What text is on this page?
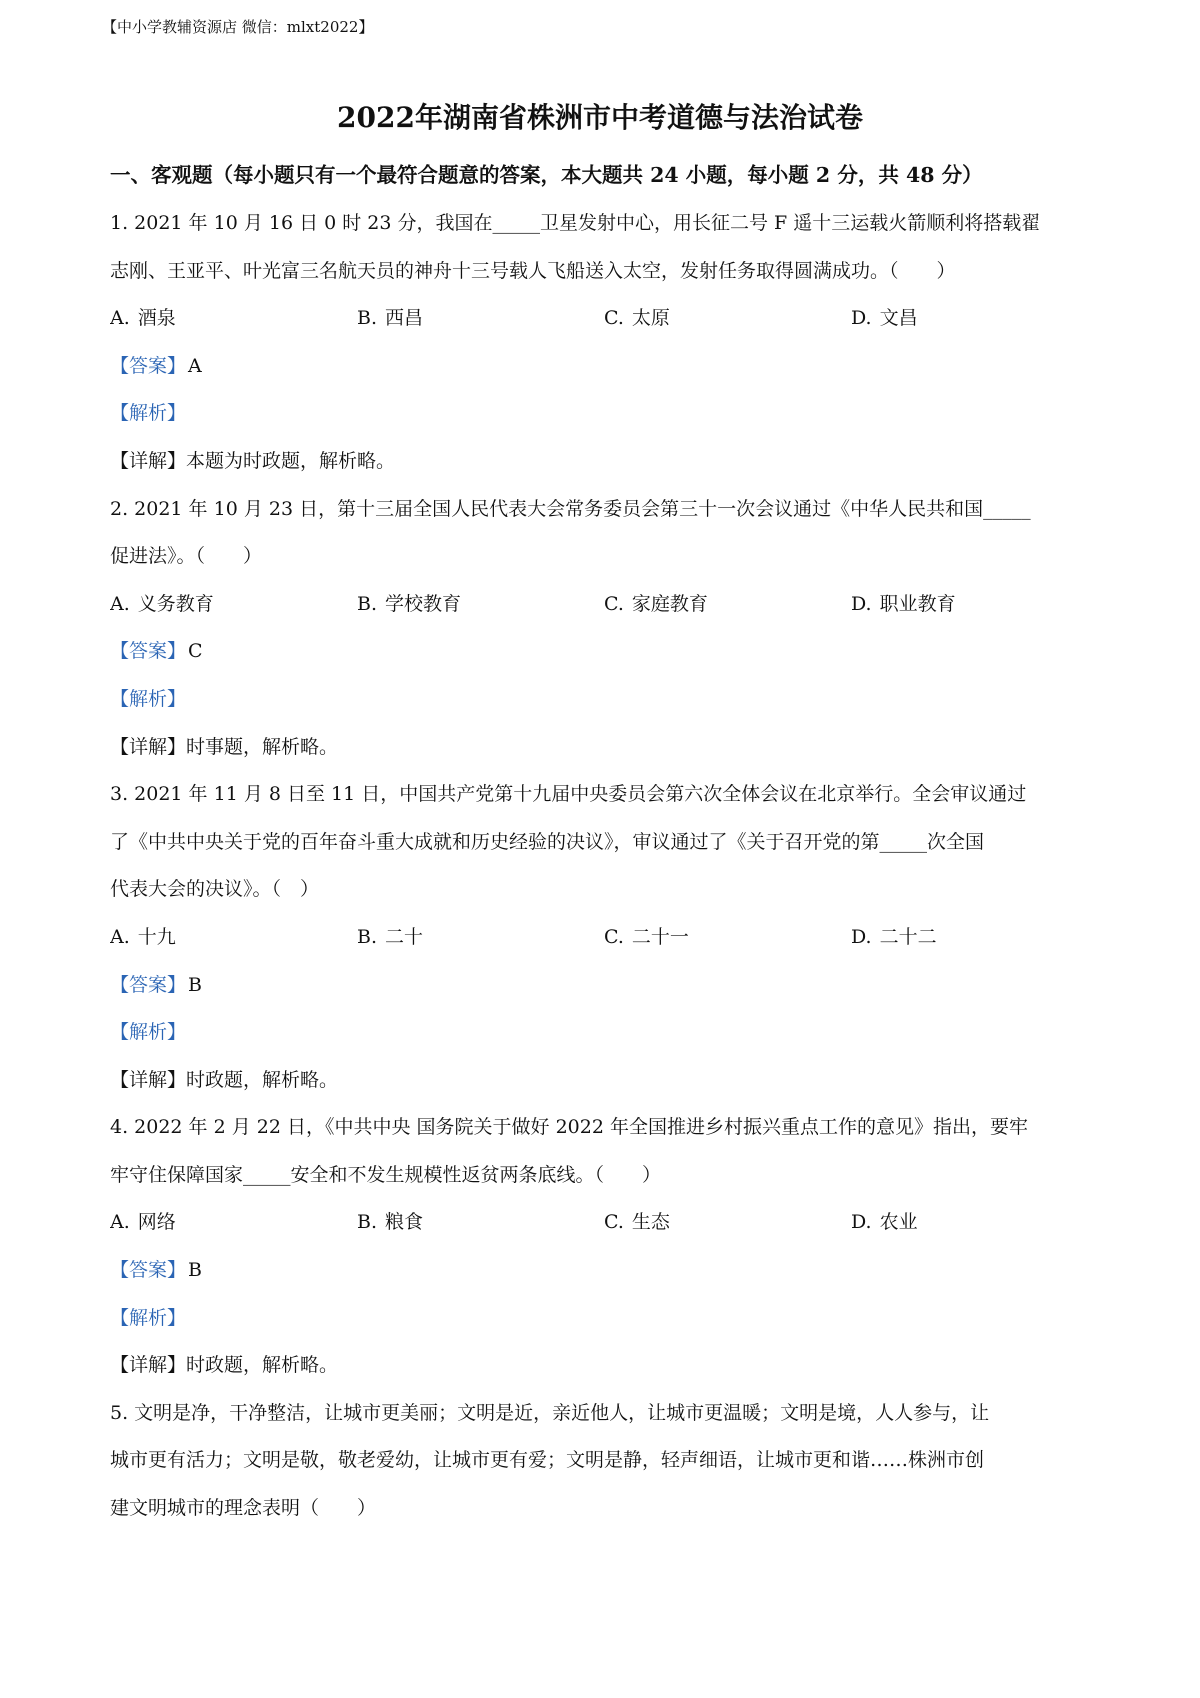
【中小学教辅资源店 微信：mlxt2022】
2022年湖南省株洲市中考道德与法治试卷
一、客观题（每小题只有一个最符合题意的答案，本大题共 24 小题，每小题 2 分，共 48 分）
1. 2021 年 10 月 16 日 0 时 23 分，我国在_____卫星发射中心，用长征二号 F 遥十三运载火箭顺利将搭载翟
志刚、王亚平、叶光富三名航天员的神舟十三号载人飞船送入太空，发射任务取得圆满成功。（　　）
A. 酒泉	B. 西昌	C. 太原	D. 文昌
【答案】 A
【解析】
【详解】本题为时政题，解析略。
2. 2021 年 10 月 23 日，第十三届全国人民代表大会常务委员会第三十一次会议通过《中华人民共和国_____
促进法》。（　　）
A. 义务教育	B. 学校教育	C. 家庭教育	D. 职业教育
【答案】 C
【解析】
【详解】时事题，解析略。
3. 2021 年 11 月 8 日至 11 日，中国共产党第十九届中央委员会第六次全体会议在北京举行。全会审议通过
了《中共中央关于党的百年奋斗重大成就和历史经验的决议》，审议通过了《关于召开党的第_____次全国
代表大会的决议》。（　）
A. 十九	B. 二十	C. 二十一	D. 二十二
【答案】 B
【解析】
【详解】时政题，解析略。
4. 2022 年 2 月 22 日，《中共中央 国务院关于做好 2022 年全国推进乡村振兴重点工作的意见》指出，要牢
牢守住保障国家_____安全和不发生规模性返贫两条底线。（　　）
A. 网络	B. 粮食	C. 生态	D. 农业
【答案】 B
【解析】
【详解】时政题，解析略。
5. 文明是净，干净整洁，让城市更美丽；文明是近，亲近他人，让城市更温暖；文明是境，人人参与，让
城市更有活力；文明是敬，敬老爱幼，让城市更有爱；文明是静，轻声细语，让城市更和谐……株洲市创
建文明城市的理念表明（　　）
